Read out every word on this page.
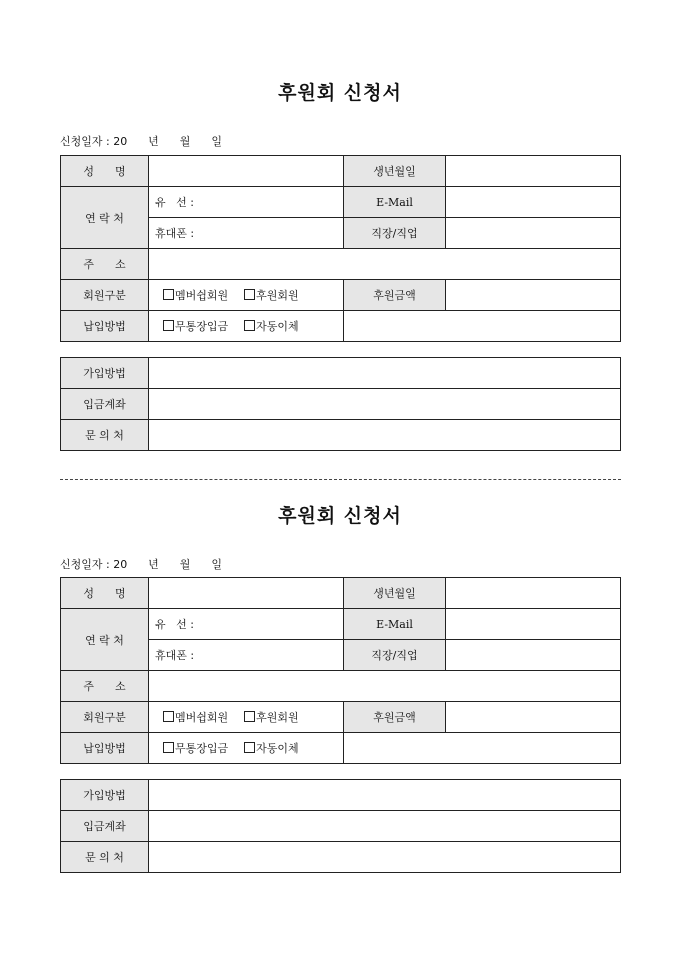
후원회 신청서
신청일자 : 20      년      월      일
성      명		생년월일	
연 락 처	유   선 :	E-Mail	
	휴대폰 :	직장/직업	
주      소			
회원구분	멤버쉽회원 후원회원	후원금액	
납입방법	무통장입금 자동이체		
가입방법	
입금계좌	
문 의 처	
후원회 신청서
신청일자 : 20      년      월      일
성      명		생년월일	
연 락 처	유   선 :	E-Mail	
	휴대폰 :	직장/직업	
주      소			
회원구분	멤버쉽회원 후원회원	후원금액	
납입방법	무통장입금 자동이체		
가입방법	
입금계좌	
문 의 처	
